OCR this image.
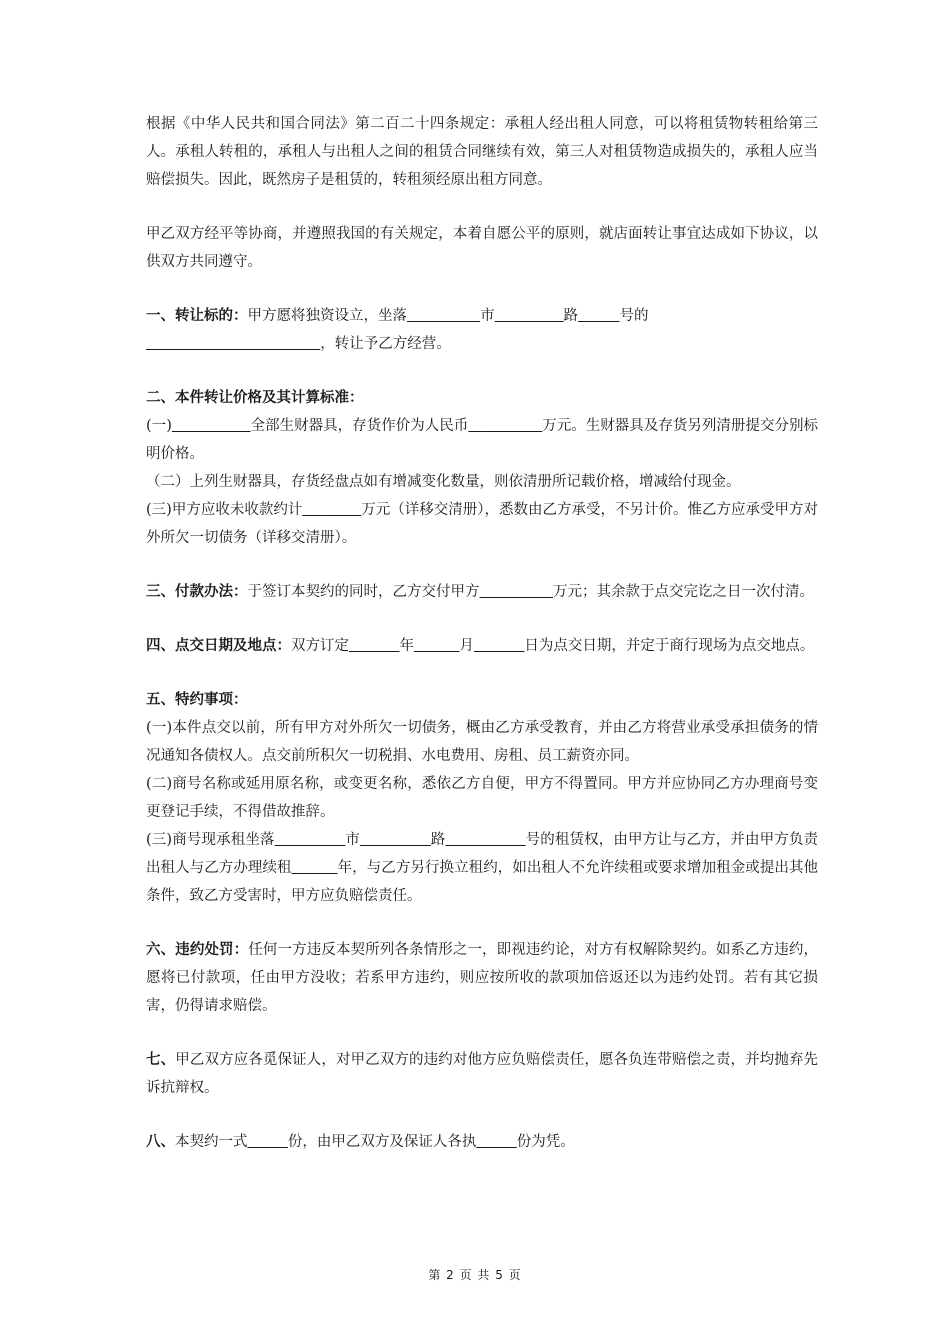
根据《中华人民共和国合同法》第二百二十四条规定：承租人经出租人同意，可以将租赁物转租给第三人。承租人转租的，承租人与出租人之间的租赁合同继续有效，第三人对租赁物造成损失的，承租人应当赔偿损失。因此，既然房子是租赁的，转租须经原出租方同意。

甲乙双方经平等协商，并遵照我国的有关规定，本着自愿公平的原则，就店面转让事宜达成如下协议，以供双方共同遵守。

一、转让标的：甲方愿将独资设立，坐落	市	路	号的
，转让予乙方经营。

二、本件转让价格及其计算标准：

(一)	全部生财器具，存货作价为人民币	万元。生财器具及存货另列清册提交分别标明价格。

（二）上列生财器具，存货经盘点如有增减变化数量，则依清册所记载价格，增减给付现金。

(三)甲方应收未收款约计	万元（详移交清册），悉数由乙方承受，不另计价。惟乙方应承受甲方对外所欠一切债务（详移交清册）。

三、付款办法：于签订本契约的同时，乙方交付甲方	万元；其余款于点交完讫之日一次付清。

四、点交日期及地点：双方订定	年	月	日为点交日期，并定于商行现场为点交地点。

五、特约事项：

(一)本件点交以前，所有甲方对外所欠一切债务，概由乙方承受教育，并由乙方将营业承受承担债务的情况通知各债权人。点交前所积欠一切税捐、水电费用、房租、员工薪资亦同。

(二)商号名称或延用原名称，或变更名称，悉依乙方自便，甲方不得置同。甲方并应协同乙方办理商号变更登记手续，不得借故推辞。

(三)商号现承租坐落	市	路	号的租赁权，由甲方让与乙方，并由甲方负责出租人与乙方办理续租	年，与乙方另行换立租约，如出租人不允许续租或要求增加租金或提出其他条件，致乙方受害时，甲方应负赔偿责任。

六、违约处罚：任何一方违反本契所列各条情形之一，即视违约论，对方有权解除契约。如系乙方违约，愿将已付款项，任由甲方没收；若系甲方违约，则应按所收的款项加倍返还以为违约处罚。若有其它损害，仍得请求赔偿。

七、甲乙双方应各觅保证人，对甲乙双方的违约对他方应负赔偿责任，愿各负连带赔偿之责，并均抛弃先诉抗辩权。

八、本契约一式	份，由甲乙双方及保证人各执	份为凭。

第 2 页 共 5 页
